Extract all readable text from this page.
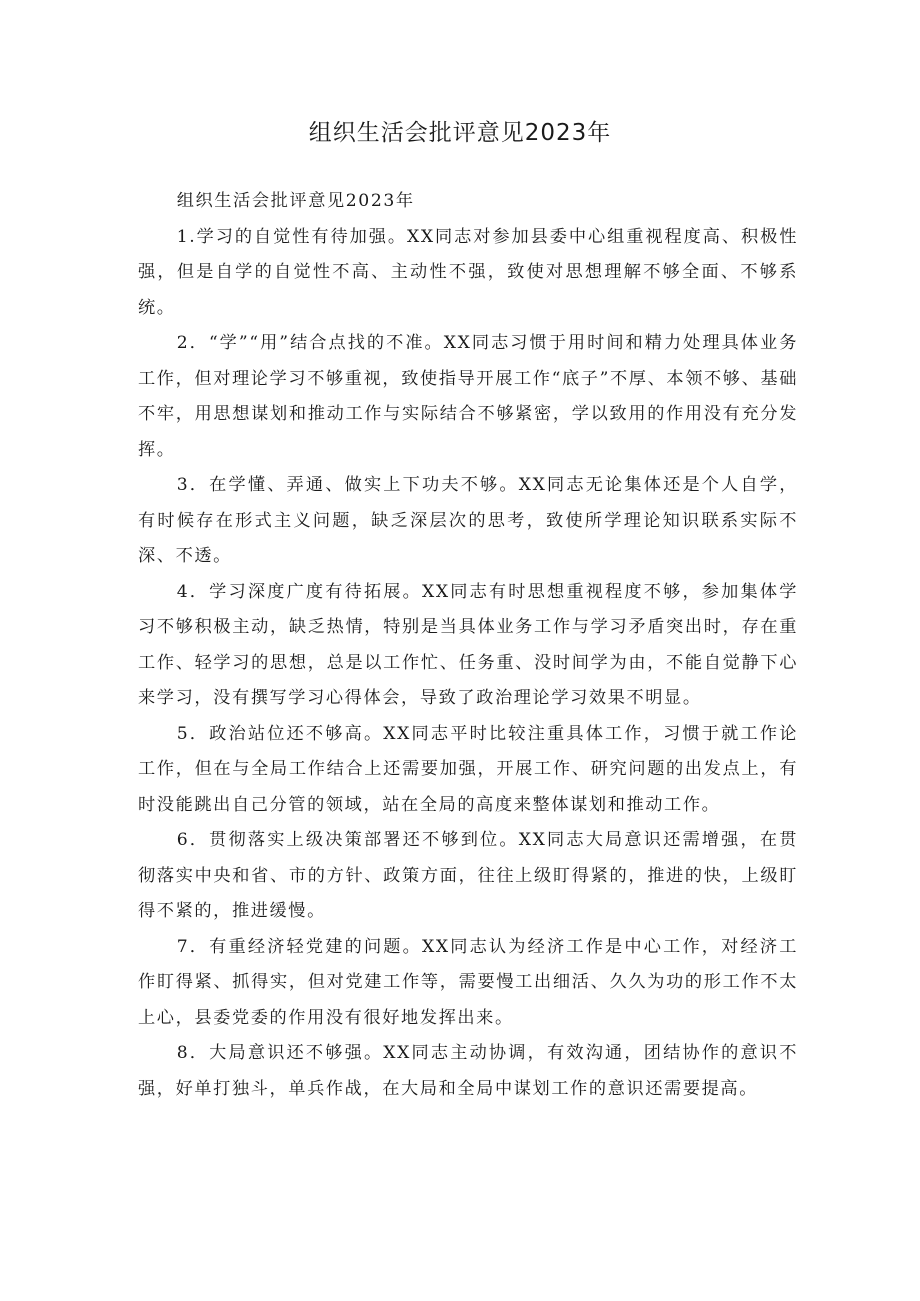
组织生活会批评意见2023年

组织生活会批评意见2023年

1.学习的自觉性有待加强。XX同志对参加县委中心组重视程度高、积极性强，但是自学的自觉性不高、主动性不强，致使对思想理解不够全面、不够系统。

2．“学”“用”结合点找的不准。XX同志习惯于用时间和精力处理具体业务工作，但对理论学习不够重视，致使指导开展工作“底子”不厚、本领不够、基础不牢，用思想谋划和推动工作与实际结合不够紧密，学以致用的作用没有充分发挥。

3．在学懂、弄通、做实上下功夫不够。XX同志无论集体还是个人自学，有时候存在形式主义问题，缺乏深层次的思考，致使所学理论知识联系实际不深、不透。

4．学习深度广度有待拓展。XX同志有时思想重视程度不够，参加集体学习不够积极主动，缺乏热情，特别是当具体业务工作与学习矛盾突出时，存在重工作、轻学习的思想，总是以工作忙、任务重、没时间学为由，不能自觉静下心来学习，没有撰写学习心得体会，导致了政治理论学习效果不明显。

5．政治站位还不够高。XX同志平时比较注重具体工作，习惯于就工作论工作，但在与全局工作结合上还需要加强，开展工作、研究问题的出发点上，有时没能跳出自己分管的领域，站在全局的高度来整体谋划和推动工作。

6．贯彻落实上级决策部署还不够到位。XX同志大局意识还需增强，在贯彻落实中央和省、市的方针、政策方面，往往上级盯得紧的，推进的快，上级盯得不紧的，推进缓慢。

7．有重经济轻党建的问题。XX同志认为经济工作是中心工作，对经济工作盯得紧、抓得实，但对党建工作等，需要慢工出细活、久久为功的形工作不太上心，县委党委的作用没有很好地发挥出来。

8．大局意识还不够强。XX同志主动协调，有效沟通，团结协作的意识不强，好单打独斗，单兵作战，在大局和全局中谋划工作的意识还需要提高。
